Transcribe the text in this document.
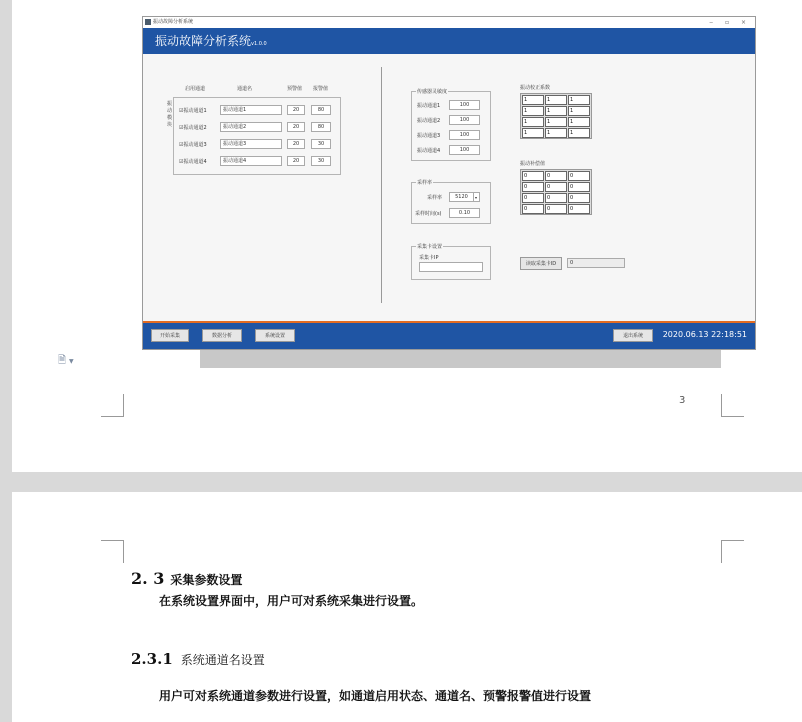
3
🗎 ▼
振动故障分析系统	‒ ▫ ×
振动故障分析系统v1.0.0
启用通道	通道名	预警值 报警值
振动模块
☑振动通道1	振动通道1	20	80
☑振动通道2	振动通道2	20	80
☑振动通道3	振动通道3	20	30
☑振动通道4	振动通道4	20	30
传感器灵敏度
振动通道1	100
振动通道2	100
振动通道3	100
振动通道4	100
采样率
采样率	5120	▾
采样时间(s)	0.10
采集卡设置
采集卡IP
振动校正系数
1	1	1
1	1	1
1	1	1
1	1	1
振动补偿值
0	0	0
0	0	0
0	0	0
0	0	0
读取采集卡ID	0
开始采集	数据分析	系统设置	退出系统	2020.06.13 22:18:51
2. 3 采集参数设置
在系统设置界面中，用户可对系统采集进行设置。
2.3.1 系统通道名设置
用户可对系统通道参数进行设置，如通道启用状态、通道名、预警报警值进行设置
